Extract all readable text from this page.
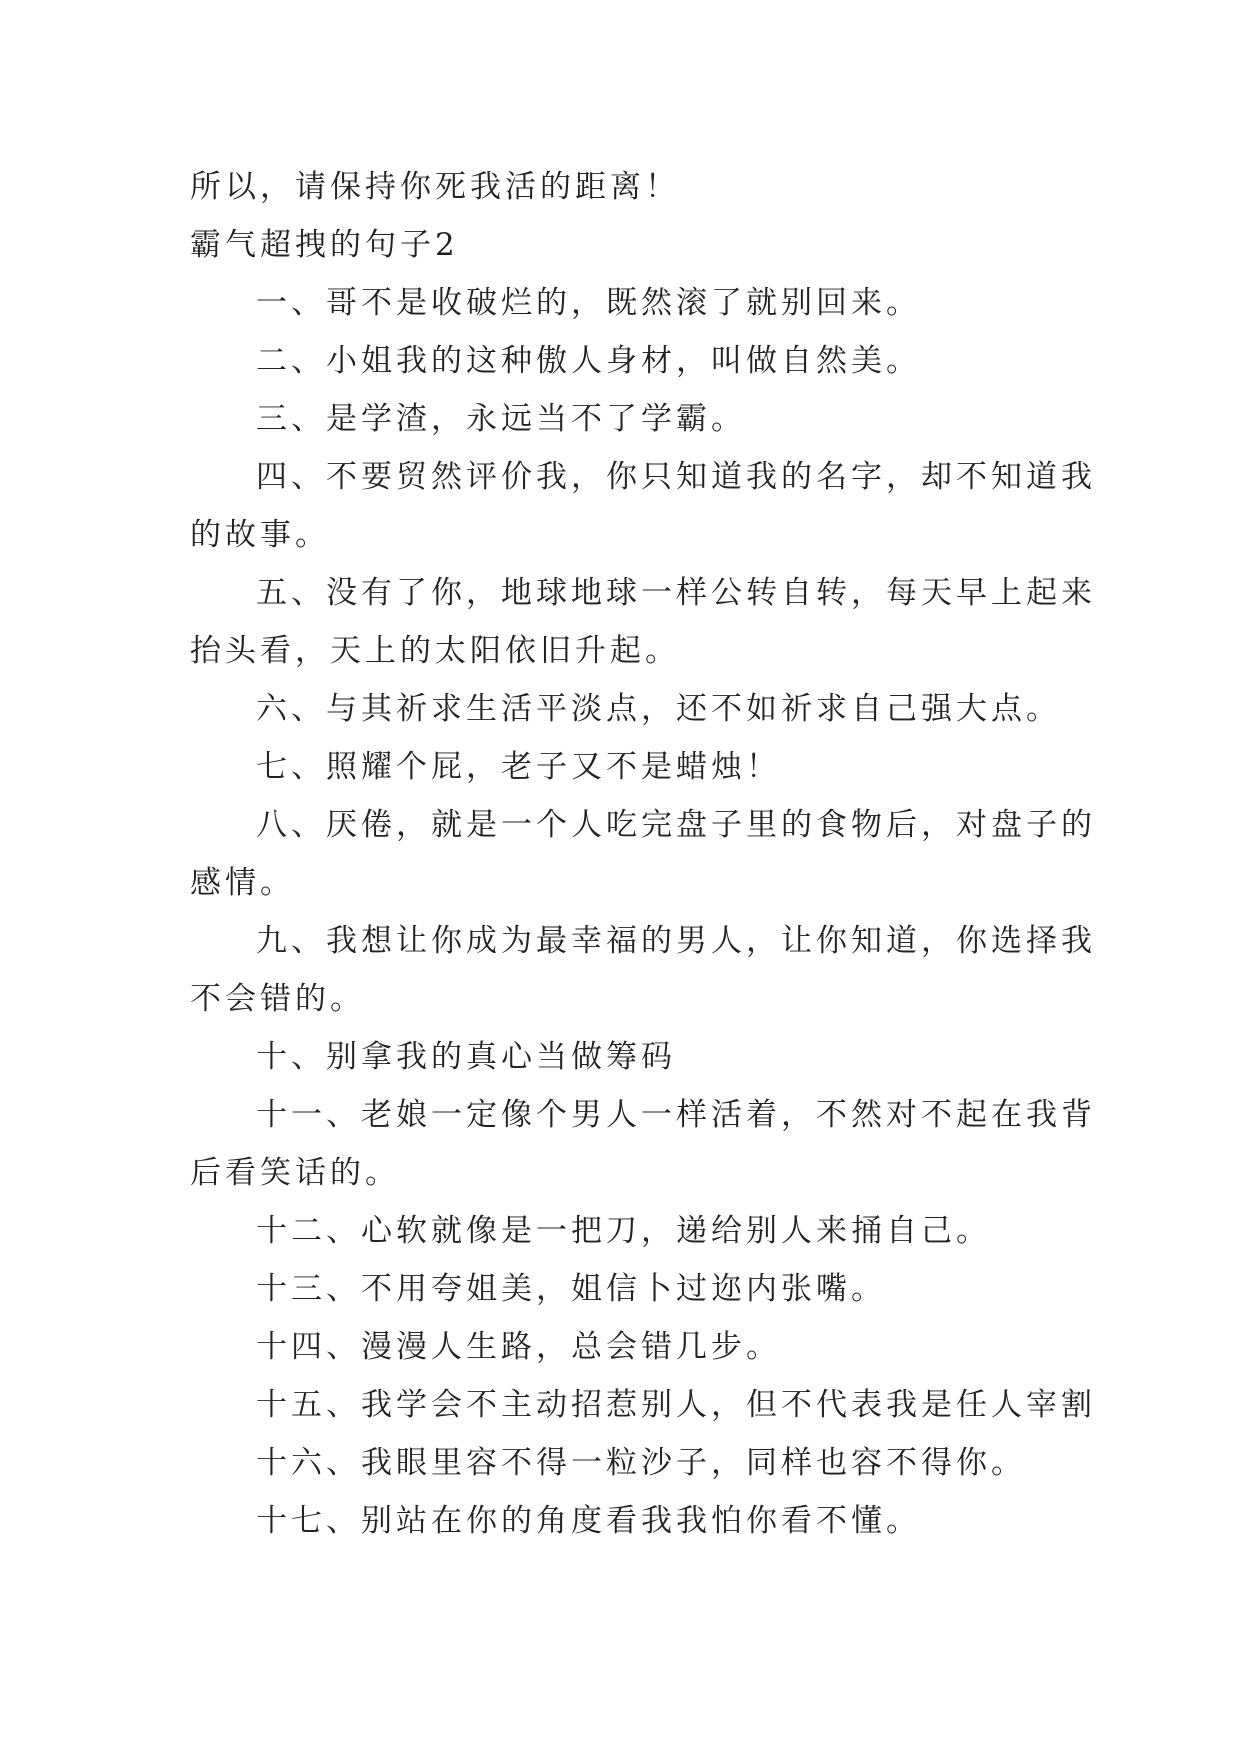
所以，请保持你死我活的距离！
霸气超拽的句子2
一、哥不是收破烂的，既然滚了就别回来。
二、小姐我的这种傲人身材，叫做自然美。
三、是学渣，永远当不了学霸。
四、不要贸然评价我，你只知道我的名字，却不知道我
的故事。
五、没有了你，地球地球一样公转自转，每天早上起来
抬头看，天上的太阳依旧升起。
六、与其祈求生活平淡点，还不如祈求自己强大点。
七、照耀个屁，老子又不是蜡烛！
八、厌倦，就是一个人吃完盘子里的食物后，对盘子的
感情。
九、我想让你成为最幸福的男人，让你知道，你选择我
不会错的。
十、别拿我的真心当做筹码
十一、老娘一定像个男人一样活着，不然对不起在我背
后看笑话的。
十二、心软就像是一把刀，递给别人来捅自己。
十三、不用夸姐美，姐信卜过迩内张嘴。
十四、漫漫人生路，总会错几步。
十五、我学会不主动招惹别人，但不代表我是任人宰割
十六、我眼里容不得一粒沙子，同样也容不得你。
十七、别站在你的角度看我我怕你看不懂。
